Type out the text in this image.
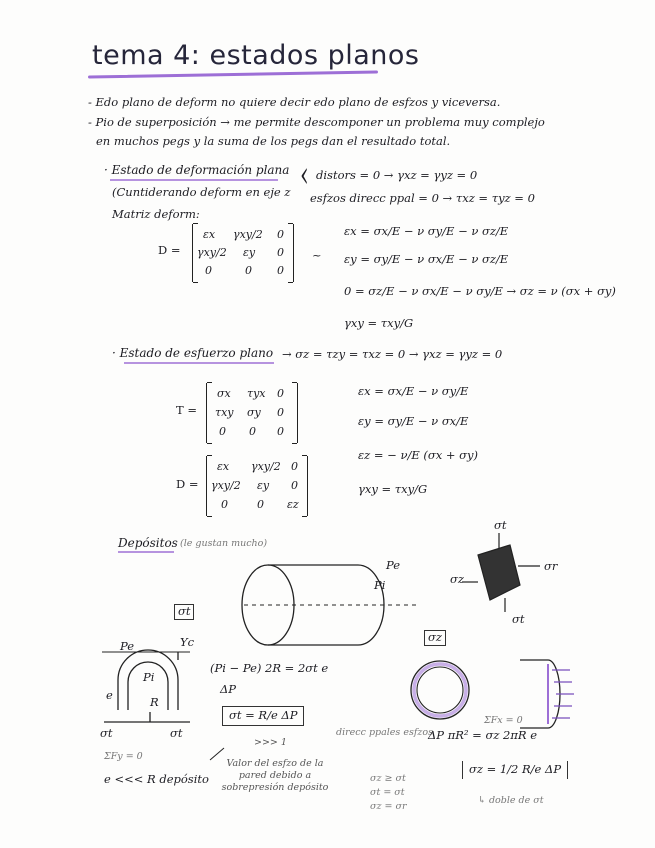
tema 4: estados planos
- Edo plano de deform no quiere decir edo plano de esfzos y viceversa.
- Pio de superposición → me permite descomponer un problema muy complejo
en muchos pegs y la suma de los pegs dan el resultado total.
· Estado de deformación plana
(Cuntiderando deform en eje z ‹ distors = 0 → γxz = γyz = 0
esfzos direcc ppal = 0 → τxz = τyz = 0
Matriz deform:
D =
εx γxy/2 0
γxy/2 εy 0
0	0 0
~
εx = σx/E − ν σy/E − ν σz/E
εy = σy/E − ν σx/E − ν σz/E
0 = σz/E − ν σx/E − ν σy/E → σz = ν (σx + σy)
γxy = τxy/G
· Estado de esfuerzo plano → σz = τzy = τxz = 0 → γxz = γyz = 0
T =
σx τyx 0
τxy σy 0
0 0 0
D =
εx γxy/2 0
γxy/2 εy 0
0	0 εz
εx = σx/E − ν σy/E
εy = σy/E − ν σx/E
εz = − ν/E (σx + σy)
γxy = τxy/G
Depósitos (le gustan mucho)
Pe
Pi
σt
σr
σz
σt
σt
σz
Pe	Yc
Pi
e	R
σt	σt
ΣFy = 0
e <<< R depósito
(Pi − Pe) 2R = 2σt e
ΔP
σt = R/e ΔP
>>> 1
Valor del esfzo de la pared debido a sobrepresión depósito
direcc ppales esfzos
σz ≥ σt
σt = σt
σz = σr
ΣFx = 0
ΔP πR² = σz 2πR e
σz = 1/2 R/e ΔP
↳ doble de σt
